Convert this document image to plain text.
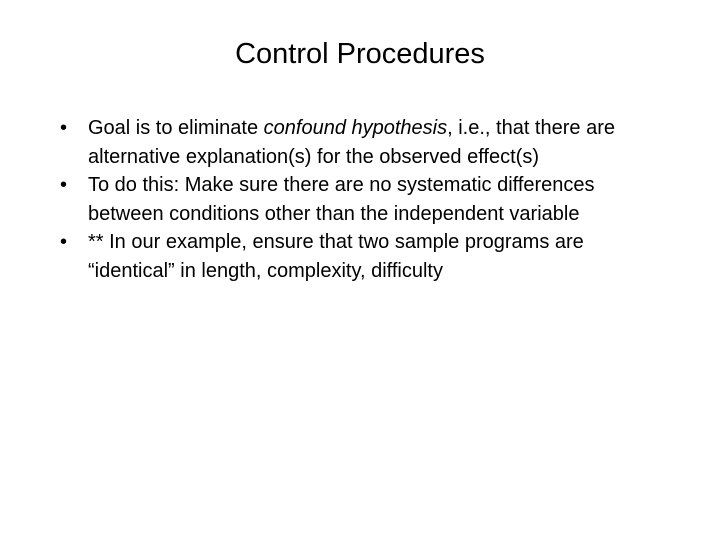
Control Procedures
• Goal is to eliminate confound hypothesis, i.e., that there are alternative explanation(s) for the observed effect(s)
• To do this: Make sure there are no systematic differences between conditions other than the independent variable
• ** In our example, ensure that two sample programs are “identical” in length, complexity, difficulty
